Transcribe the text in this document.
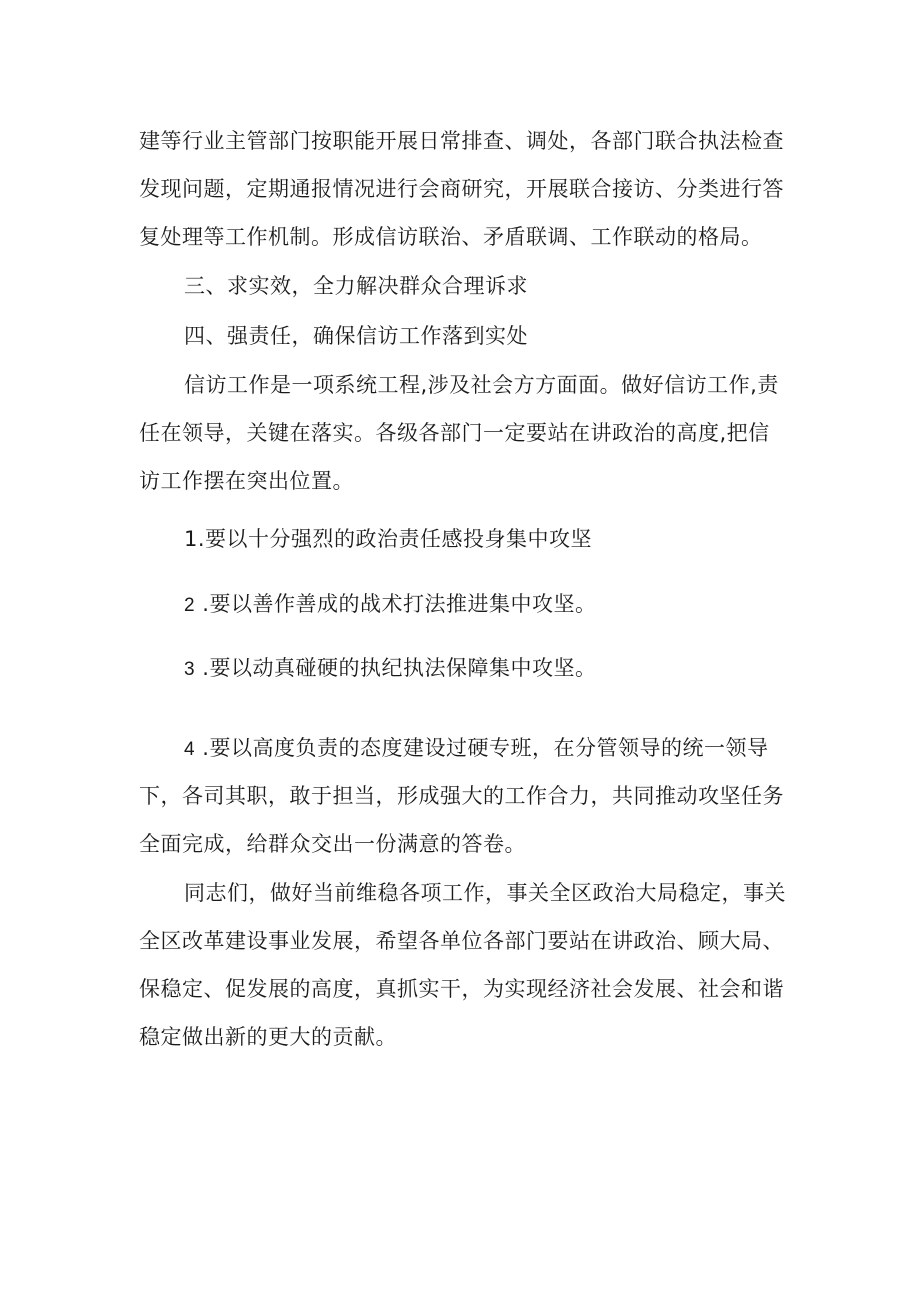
建等行业主管部门按职能开展日常排查、调处，各部门联合执法检查
发现问题，定期通报情况进行会商研究，开展联合接访、分类进行答
复处理等工作机制。形成信访联治、矛盾联调、工作联动的格局。
三、求实效，全力解决群众合理诉求
四、强责任，确保信访工作落到实处
信访工作是一项系统工程,涉及社会方方面面。做好信访工作,责
任在领导，关键在落实。各级各部门一定要站在讲政治的高度,把信
访工作摆在突出位置。
1.要以十分强烈的政治责任感投身集中攻坚
2 .要以善作善成的战术打法推进集中攻坚。
3 .要以动真碰硬的执纪执法保障集中攻坚。
4 .要以高度负责的态度建设过硬专班，在分管领导的统一领导
下，各司其职，敢于担当，形成强大的工作合力，共同推动攻坚任务
全面完成，给群众交出一份满意的答卷。
同志们，做好当前维稳各项工作，事关全区政治大局稳定，事关
全区改革建设事业发展，希望各单位各部门要站在讲政治、顾大局、
保稳定、促发展的高度，真抓实干，为实现经济社会发展、社会和谐
稳定做出新的更大的贡献。
